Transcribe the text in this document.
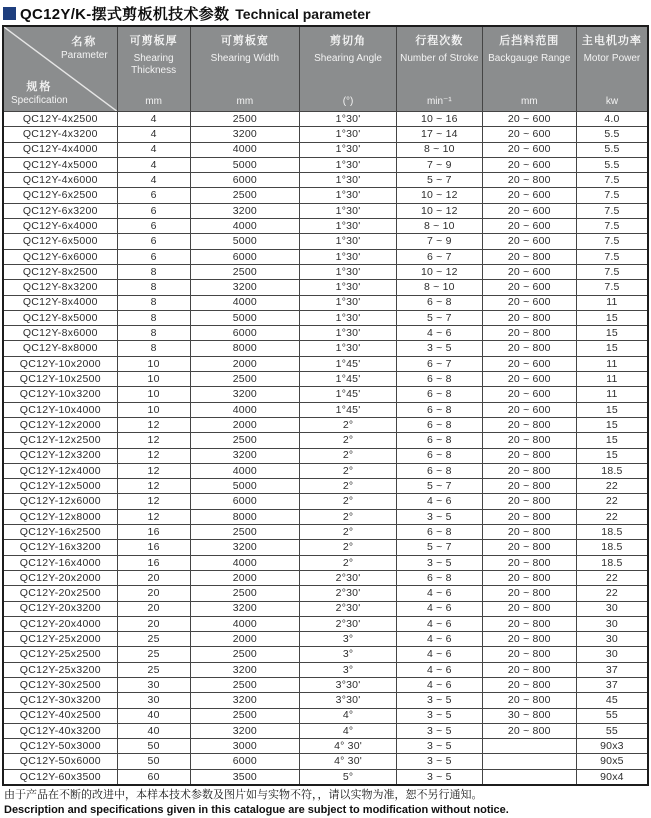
QC12Y/K-摆式剪板机技术参数 Technical parameter
名称
Parameter
规格
Specification

可剪板厚
Shearing Thickness
mm

可剪板宽
Shearing Width
mm

剪切角
Shearing Angle
(°)

行程次数
Number of Stroke
min⁻¹

后挡料范围
Backgauge Range
mm

主电机功率
Motor Power
kw

QC12Y-4x2500	4	2500	1°30'	10 ~ 16	20 ~ 600	4.0
QC12Y-4x3200	4	3200	1°30'	17 ~ 14	20 ~ 600	5.5
QC12Y-4x4000	4	4000	1°30'	8 ~ 10	20 ~ 600	5.5
QC12Y-4x5000	4	5000	1°30'	7 ~ 9	20 ~ 600	5.5
QC12Y-4x6000	4	6000	1°30'	5 ~ 7	20 ~ 800	7.5
QC12Y-6x2500	6	2500	1°30'	10 ~ 12	20 ~ 600	7.5
QC12Y-6x3200	6	3200	1°30'	10 ~ 12	20 ~ 600	7.5
QC12Y-6x4000	6	4000	1°30'	8 ~ 10	20 ~ 600	7.5
QC12Y-6x5000	6	5000	1°30'	7 ~ 9	20 ~ 600	7.5
QC12Y-6x6000	6	6000	1°30'	6 ~ 7	20 ~ 800	7.5
QC12Y-8x2500	8	2500	1°30'	10 ~ 12	20 ~ 600	7.5
QC12Y-8x3200	8	3200	1°30'	8 ~ 10	20 ~ 600	7.5
QC12Y-8x4000	8	4000	1°30'	6 ~ 8	20 ~ 600	11
QC12Y-8x5000	8	5000	1°30'	5 ~ 7	20 ~ 800	15
QC12Y-8x6000	8	6000	1°30'	4 ~ 6	20 ~ 800	15
QC12Y-8x8000	8	8000	1°30'	3 ~ 5	20 ~ 800	15
QC12Y-10x2000	10	2000	1°45'	6 ~ 7	20 ~ 600	11
QC12Y-10x2500	10	2500	1°45'	6 ~ 8	20 ~ 600	11
QC12Y-10x3200	10	3200	1°45'	6 ~ 8	20 ~ 600	11
QC12Y-10x4000	10	4000	1°45'	6 ~ 8	20 ~ 600	15
QC12Y-12x2000	12	2000	2°	6 ~ 8	20 ~ 800	15
QC12Y-12x2500	12	2500	2°	6 ~ 8	20 ~ 800	15
QC12Y-12x3200	12	3200	2°	6 ~ 8	20 ~ 800	15
QC12Y-12x4000	12	4000	2°	6 ~ 8	20 ~ 800	18.5
QC12Y-12x5000	12	5000	2°	5 ~ 7	20 ~ 800	22
QC12Y-12x6000	12	6000	2°	4 ~ 6	20 ~ 800	22
QC12Y-12x8000	12	8000	2°	3 ~ 5	20 ~ 800	22
QC12Y-16x2500	16	2500	2°	6 ~ 8	20 ~ 800	18.5
QC12Y-16x3200	16	3200	2°	5 ~ 7	20 ~ 800	18.5
QC12Y-16x4000	16	4000	2°	3 ~ 5	20 ~ 800	18.5
QC12Y-20x2000	20	2000	2°30'	6 ~ 8	20 ~ 800	22
QC12Y-20x2500	20	2500	2°30'	4 ~ 6	20 ~ 800	22
QC12Y-20x3200	20	3200	2°30'	4 ~ 6	20 ~ 800	30
QC12Y-20x4000	20	4000	2°30'	4 ~ 6	20 ~ 800	30
QC12Y-25x2000	25	2000	3°	4 ~ 6	20 ~ 800	30
QC12Y-25x2500	25	2500	3°	4 ~ 6	20 ~ 800	30
QC12Y-25x3200	25	3200	3°	4 ~ 6	20 ~ 800	37
QC12Y-30x2500	30	2500	3°30'	4 ~ 6	20 ~ 800	37
QC12Y-30x3200	30	3200	3°30'	3 ~ 5	20 ~ 800	45
QC12Y-40x2500	40	2500	4°	3 ~ 5	30 ~ 800	55
QC12Y-40x3200	40	3200	4°	3 ~ 5	20 ~ 800	55
QC12Y-50x3000	50	3000	4° 30'	3 ~ 5		90x3
QC12Y-50x6000	50	6000	4° 30'	3 ~ 5		90x5
QC12Y-60x3500	60	3500	5°	3 ~ 5		90x4
由于产品在不断的改进中，本样本技术参数及图片如与实物不符，，请以实物为准，恕不另行通知。
Description and specifications given in this catalogue are subject to modification without notice.
